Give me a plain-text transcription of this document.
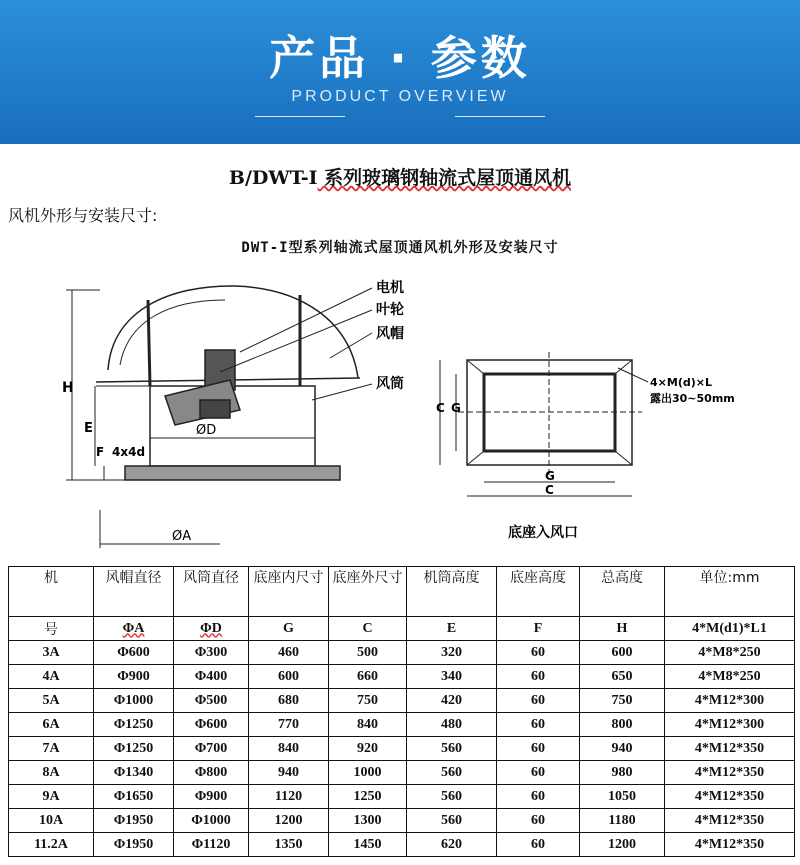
产品 · 参数
PRODUCT OVERVIEW
B/DWT-I 系列玻璃钢轴流式屋顶通风机
风机外形与安装尺寸:
DWT-I型系列轴流式屋顶通风机外形及安装尺寸
H
E
F 4x4d
ØD
ØA
电机
叶轮
风帽
风筒
C G
G
C
4×M(d)×L
露出30~50mm
底座入风口
机	风帽直径	风筒直径	底座内尺寸	底座外尺寸	机筒高度	底座高度	总高度	单位:mm
号	ΦA	ΦD	G	C	E	F	H	4*M(d1)*L1
3A	Φ600	Φ300	460	500	320	60	600	4*M8*250
4A	Φ900	Φ400	600	660	340	60	650	4*M8*250
5A	Φ1000	Φ500	680	750	420	60	750	4*M12*300
6A	Φ1250	Φ600	770	840	480	60	800	4*M12*300
7A	Φ1250	Φ700	840	920	560	60	940	4*M12*350
8A	Φ1340	Φ800	940	1000	560	60	980	4*M12*350
9A	Φ1650	Φ900	1120	1250	560	60	1050	4*M12*350
10A	Φ1950	Φ1000	1200	1300	560	60	1180	4*M12*350
11.2A	Φ1950	Φ1120	1350	1450	620	60	1200	4*M12*350
